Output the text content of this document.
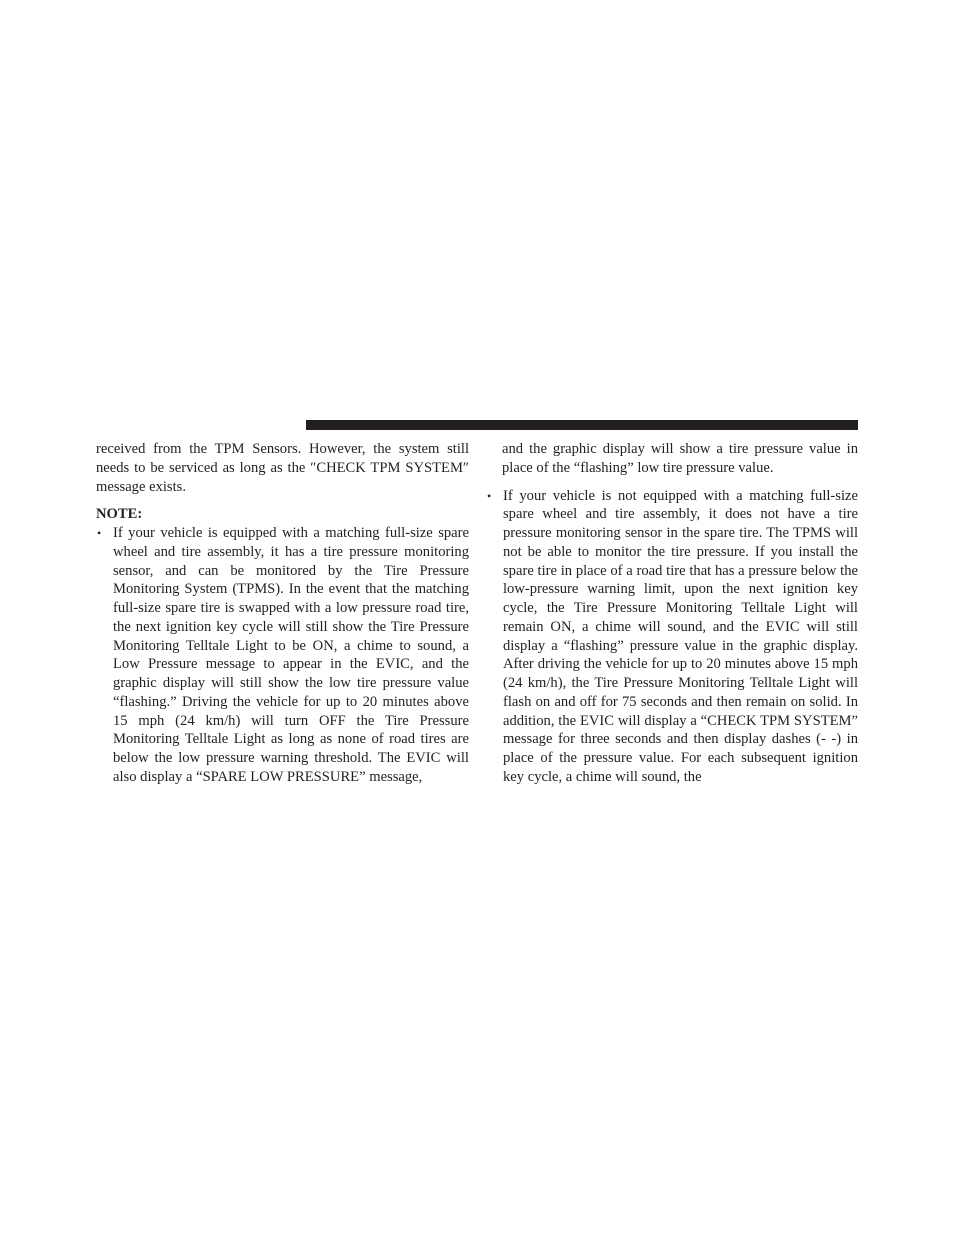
received from the TPM Sensors. However, the system still needs to be serviced as long as the ″CHECK TPM SYSTEM″ message exists.

NOTE:

• If your vehicle is equipped with a matching full-size spare wheel and tire assembly, it has a tire pressure monitoring sensor, and can be monitored by the Tire Pressure Monitoring System (TPMS). In the event that the matching full-size spare tire is swapped with a low pressure road tire, the next ignition key cycle will still show the Tire Pressure Monitoring Telltale Light to be ON, a chime to sound, a Low Pressure message to appear in the EVIC, and the graphic display will still show the low tire pressure value “flashing.” Driving the vehicle for up to 20 minutes above 15 mph (24 km/h) will turn OFF the Tire Pressure Monitoring Telltale Light as long as none of road tires are below the low pressure warning threshold. The EVIC will also display a “SPARE LOW PRESSURE” message,

and the graphic display will show a tire pressure value in place of the “flashing” low tire pressure value.

• If your vehicle is not equipped with a matching full-size spare wheel and tire assembly, it does not have a tire pressure monitoring sensor in the spare tire. The TPMS will not be able to monitor the tire pressure. If you install the spare tire in place of a road tire that has a pressure below the low-pressure warning limit, upon the next ignition key cycle, the Tire Pressure Monitoring Telltale Light will remain ON, a chime will sound, and the EVIC will still display a “flashing” pressure value in the graphic display. After driving the vehicle for up to 20 minutes above 15 mph (24 km/h), the Tire Pressure Monitoring Telltale Light will flash on and off for 75 seconds and then remain on solid. In addition, the EVIC will display a “CHECK TPM SYSTEM” message for three seconds and then display dashes (- -) in place of the pressure value. For each subsequent ignition key cycle, a chime will sound, the
